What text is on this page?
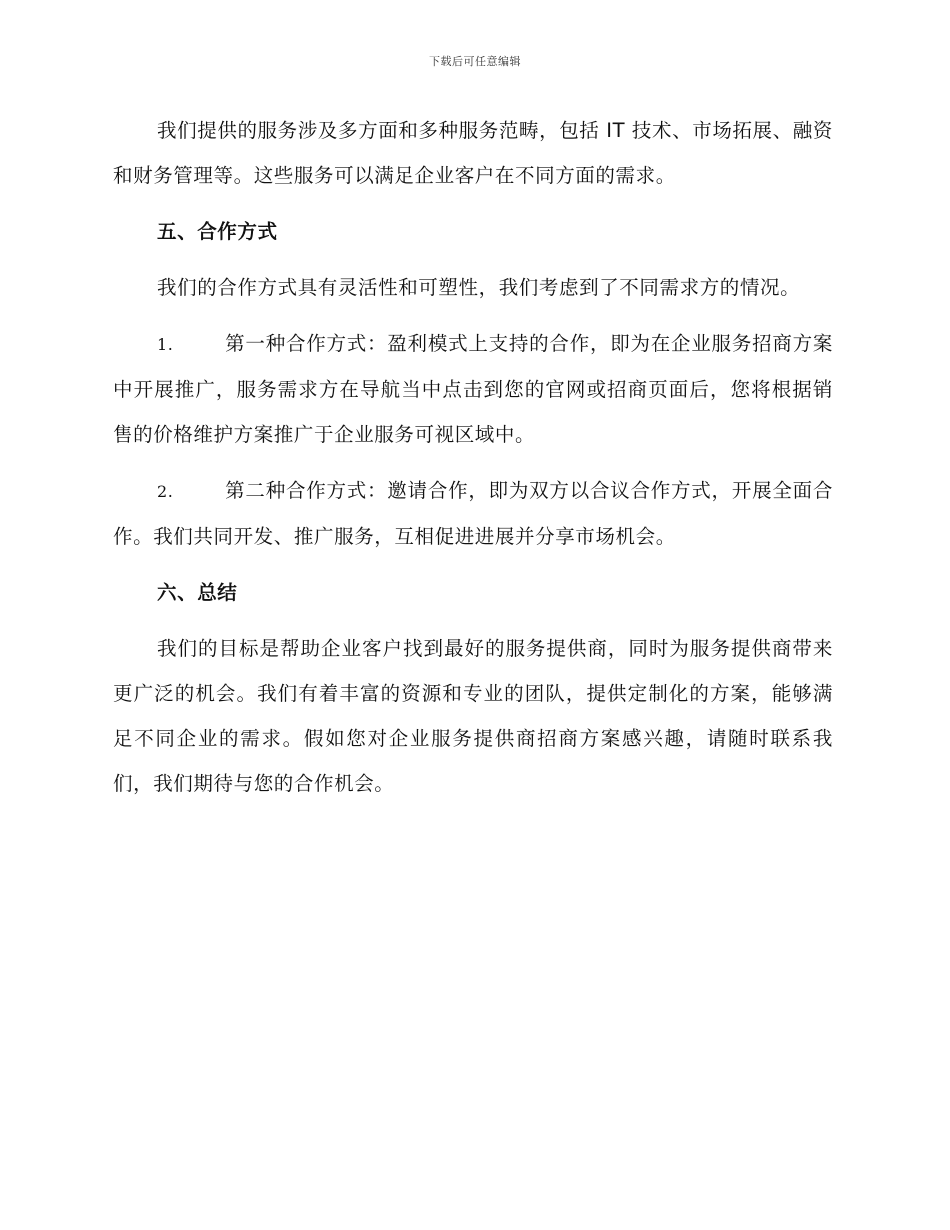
下载后可任意编辑

我们提供的服务涉及多方面和多种服务范畴，包括 IT 技术、市场拓展、融资和财务管理等。这些服务可以满足企业客户在不同方面的需求。

五、合作方式

我们的合作方式具有灵活性和可塑性，我们考虑到了不同需求方的情况。

1.	第一种合作方式：盈利模式上支持的合作，即为在企业服务招商方案中开展推广，服务需求方在导航当中点击到您的官网或招商页面后，您将根据销售的价格维护方案推广于企业服务可视区域中。

2.	第二种合作方式：邀请合作，即为双方以合议合作方式，开展全面合作。我们共同开发、推广服务，互相促进进展并分享市场机会。

六、总结

我们的目标是帮助企业客户找到最好的服务提供商，同时为服务提供商带来更广泛的机会。我们有着丰富的资源和专业的团队，提供定制化的方案，能够满足不同企业的需求。假如您对企业服务提供商招商方案感兴趣，请随时联系我们，我们期待与您的合作机会。
